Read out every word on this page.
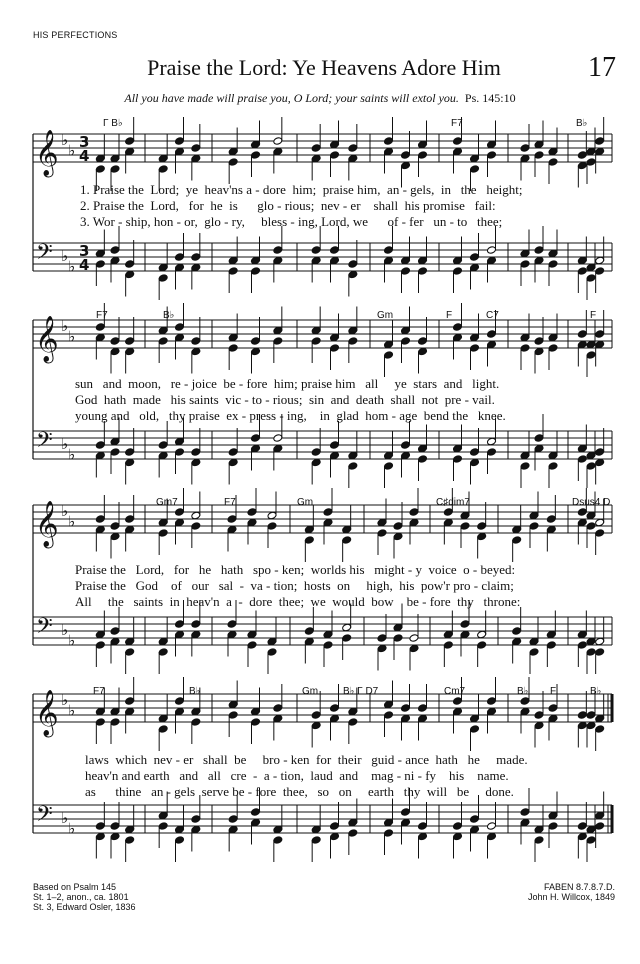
HIS PERFECTIONS
Praise the Lord: Ye Heavens Adore Him	17
All you have made will praise you, O Lord; your saints will extol you. Ps. 145:10
𝄞 ♭
♭ 3
4
𝄢 ♭
♭
3
4
𝄞 ♭
♭
𝄢 ♭
♭
𝄞 ♭
♭
𝄢 ♭
♭
𝄞 ♭
♭
𝄢 ♭
♭
Γ B♭	F7	B♭
1. Praise the  Lord;  ye  heav'ns a - dore  him;  praise him,  an - gels,  in   the   height;
2. Praise the  Lord,   for  he  is      glo - rious;  nev - er    shall  his promise   fail:
3. Wor - ship, hon - or,  glo - ry,     bless - ing, Lord, we      of - fer   un - to   thee;
F7	B♭	Gm	F	C7	F
sun   and  moon,   re - joice  be - fore  him; praise him   all     ye  stars  and   light.
God  hath  made   his saints  vic - to - rious;  sin  and  death  shall  not  pre - vail.
young and   old,   thy praise  ex - press - ing,    in  glad  hom - age  bend the   knee.
Gm7	F7	Gm	C♯dim7	Dsus4 D
Praise the   Lord,   for   he   hath   spo - ken;  worlds his   might - y  voice  o - beyed:
Praise the   God    of   our   sal  -  va - tion;  hosts  on     high,  his  pow'r pro - claim;
All     the   saints  in  heav'n  a  -  dore  thee;  we  would  bow    be - fore  thy   throne:
F7	B♭	Gm B♭ Γ D7	Cm7	B♭ F	B♭
laws  which  nev - er   shall  be     bro - ken  for  their   guid - ance  hath   he     made.
heav'n and earth   and   all   cre  -  a - tion,  laud  and    mag - ni - fy    his    name.
as      thine   an - gels  serve be - fore  thee,   so   on     earth   thy  will   be     done.
Based on Psalm 145
St. 1–2, anon., ca. 1801
St. 3, Edward Osler, 1836
FABEN 8.7.8.7.D.
John H. Willcox, 1849
